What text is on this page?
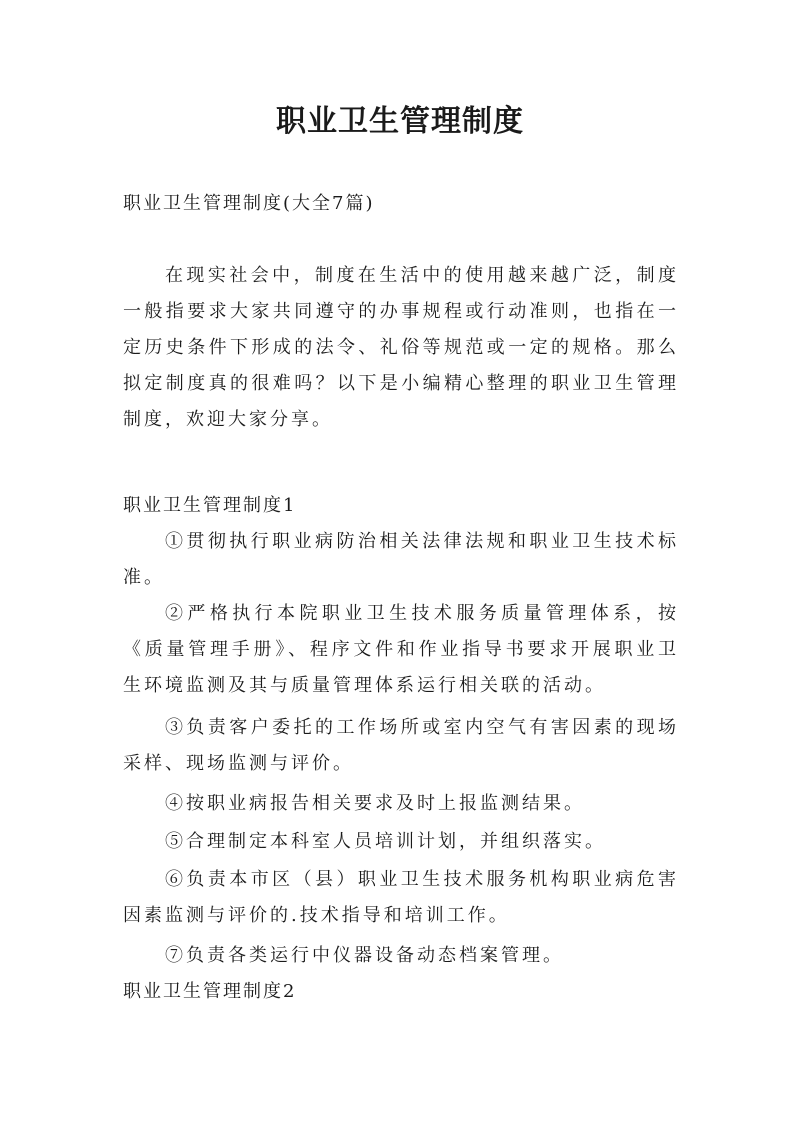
职业卫生管理制度

职业卫生管理制度(大全7篇)

在现实社会中，制度在生活中的使用越来越广泛，制度一般指要求大家共同遵守的办事规程或行动准则，也指在一定历史条件下形成的法令、礼俗等规范或一定的规格。那么拟定制度真的很难吗？以下是小编精心整理的职业卫生管理制度，欢迎大家分享。

职业卫生管理制度1

①贯彻执行职业病防治相关法律法规和职业卫生技术标准。

②严格执行本院职业卫生技术服务质量管理体系，按《质量管理手册》、程序文件和作业指导书要求开展职业卫生环境监测及其与质量管理体系运行相关联的活动。

③负责客户委托的工作场所或室内空气有害因素的现场采样、现场监测与评价。

④按职业病报告相关要求及时上报监测结果。

⑤合理制定本科室人员培训计划，并组织落实。

⑥负责本市区（县）职业卫生技术服务机构职业病危害因素监测与评价的.技术指导和培训工作。

⑦负责各类运行中仪器设备动态档案管理。

职业卫生管理制度2
